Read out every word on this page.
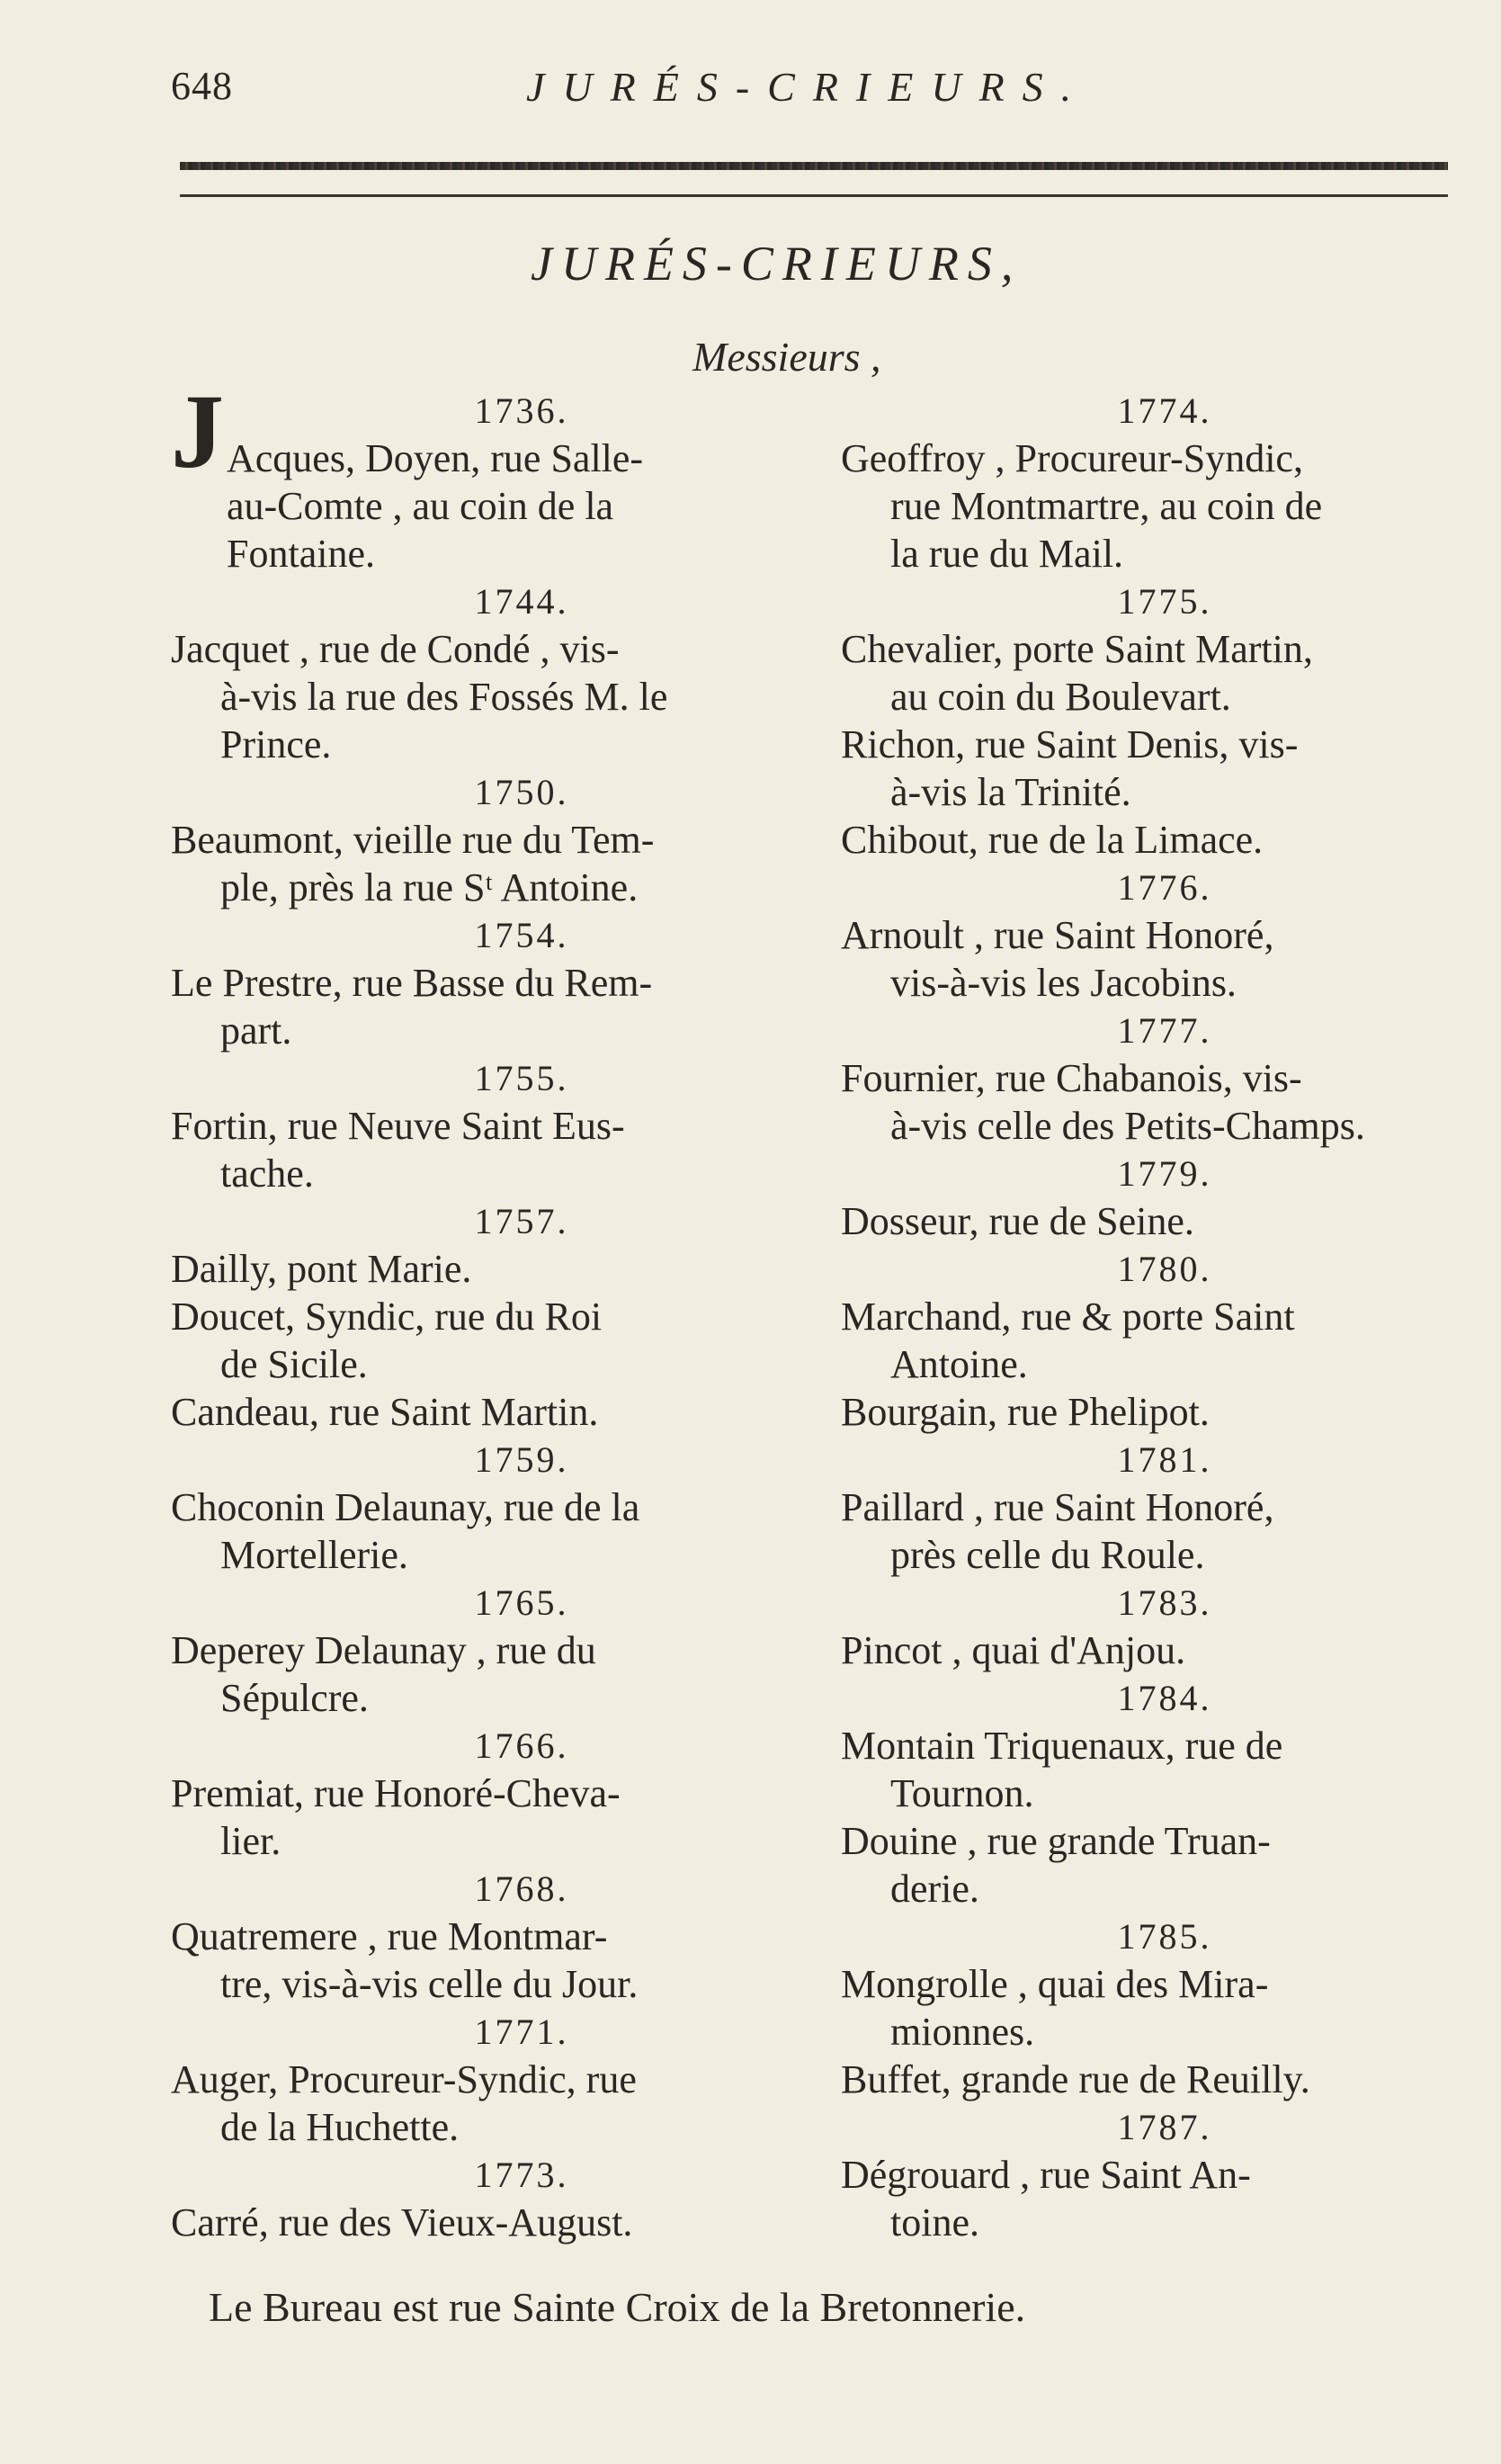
648	JURÉS-CRIEURS.
JURÉS-CRIEURS,
Messieurs ,
1736.
J Acques, Doyen, rue Salle-
au-Comte , au coin de la
Fontaine.
1744.
Jacquet , rue de Condé , vis-
à-vis la rue des Fossés M. le
Prince.
1750.
Beaumont, vieille rue du Tem-
ple, près la rue Sᵗ Antoine.
1754.
Le Prestre, rue Basse du Rem-
part.
1755.
Fortin, rue Neuve Saint Eus-
tache.
1757.
Dailly, pont Marie.
Doucet, Syndic, rue du Roi
de Sicile.
Candeau, rue Saint Martin.
1759.
Choconin Delaunay, rue de la
Mortellerie.
1765.
Deperey Delaunay , rue du
Sépulcre.
1766.
Premiat, rue Honoré-Cheva-
lier.
1768.
Quatremere , rue Montmar-
tre, vis-à-vis celle du Jour.
1771.
Auger, Procureur-Syndic, rue
de la Huchette.
1773.
Carré, rue des Vieux-August.
1774.
Geoffroy , Procureur-Syndic,
rue Montmartre, au coin de
la rue du Mail.
1775.
Chevalier, porte Saint Martin,
au coin du Boulevart.
Richon, rue Saint Denis, vis-
à-vis la Trinité.
Chibout, rue de la Limace.
1776.
Arnoult , rue Saint Honoré,
vis-à-vis les Jacobins.
1777.
Fournier, rue Chabanois, vis-
à-vis celle des Petits-Champs.
1779.
Dosseur, rue de Seine.
1780.
Marchand, rue & porte Saint
Antoine.
Bourgain, rue Phelipot.
1781.
Paillard , rue Saint Honoré,
près celle du Roule.
1783.
Pincot , quai d'Anjou.
1784.
Montain Triquenaux, rue de
Tournon.
Douine , rue grande Truan-
derie.
1785.
Mongrolle , quai des Mira-
mionnes.
Buffet, grande rue de Reuilly.
1787.
Dégrouard , rue Saint An-
toine.
Le Bureau est rue Sainte Croix de la Bretonnerie.
